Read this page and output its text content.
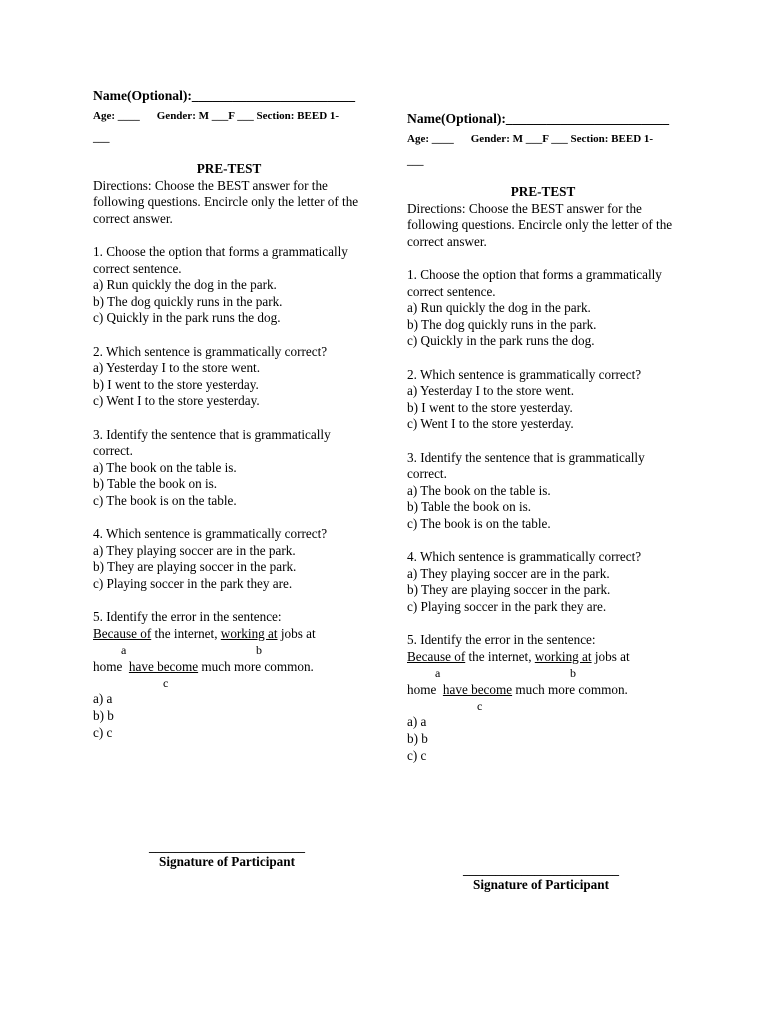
Name(Optional):________________________
Age: ____ Gender: M ___F ___ Section: BEED 1-
___
PRE-TEST

Directions: Choose the BEST answer for the following questions. Encircle only the letter of the correct answer.

1. Choose the option that forms a grammatically correct sentence.

a) Run quickly the dog in the park.

b) The dog quickly runs in the park.

c) Quickly in the park runs the dog.

2. Which sentence is grammatically correct?

a) Yesterday I to the store went.

b) I went to the store yesterday.

c) Went I to the store yesterday.

3. Identify the sentence that is grammatically correct.

a) The book on the table is.

b) Table the book on is.

c) The book is on the table.

4. Which sentence is grammatically correct?

a) They playing soccer are in the park.

b) They are playing soccer in the park.

c) Playing soccer in the park they are.

5. Identify the error in the sentence:

Because of the internet, working at jobs at

a	b

home  have become much more common.

c

a) a

b) b

c) c

________________________
Signature of Participant
Name(Optional):________________________
Age: ____ Gender: M ___F ___ Section: BEED 1-
___
PRE-TEST

Directions: Choose the BEST answer for the following questions. Encircle only the letter of the correct answer.

1. Choose the option that forms a grammatically correct sentence.

a) Run quickly the dog in the park.

b) The dog quickly runs in the park.

c) Quickly in the park runs the dog.

2. Which sentence is grammatically correct?

a) Yesterday I to the store went.

b) I went to the store yesterday.

c) Went I to the store yesterday.

3. Identify the sentence that is grammatically correct.

a) The book on the table is.

b) Table the book on is.

c) The book is on the table.

4. Which sentence is grammatically correct?

a) They playing soccer are in the park.

b) They are playing soccer in the park.

c) Playing soccer in the park they are.

5. Identify the error in the sentence:

Because of the internet, working at jobs at

a	b

home  have become much more common.

c

a) a

b) b

c) c

________________________
Signature of Participant
